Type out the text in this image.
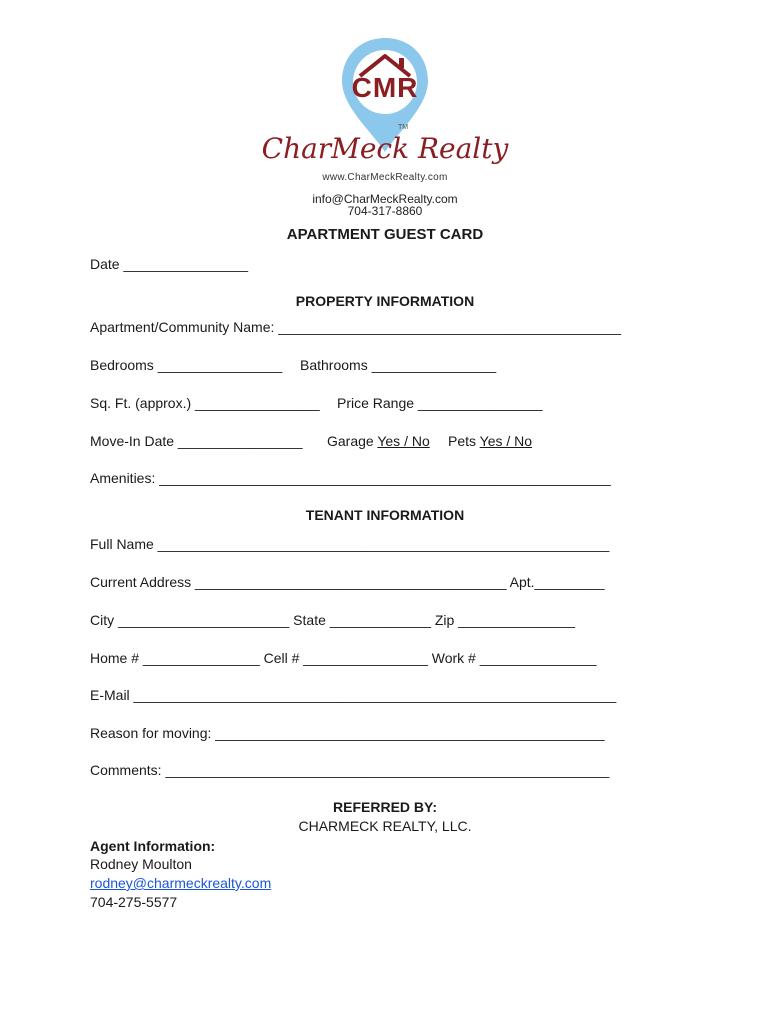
CMR
TM
CharMeck Realty
www.CharMeckRealty.com
info@CharMeckRealty.com
704-317-8860
APARTMENT GUEST CARD
Date ________________
PROPERTY INFORMATION
Apartment/Community Name: ____________________________________________
Bedrooms ________________ Bathrooms ________________
Sq. Ft. (approx.) ________________ Price Range ________________
Move-In Date ________________ Garage Yes / No Pets Yes / No
Amenities: __________________________________________________________
TENANT INFORMATION
Full Name __________________________________________________________
Current Address ________________________________________ Apt._________
City ______________________ State _____________ Zip _______________
Home # _______________ Cell # ________________ Work # _______________
E-Mail ______________________________________________________________
Reason for moving: __________________________________________________
Comments: _________________________________________________________
REFERRED BY:
CHARMECK REALTY, LLC.
Agent Information:
Rodney Moulton
rodney@charmeckrealty.com
704-275-5577
